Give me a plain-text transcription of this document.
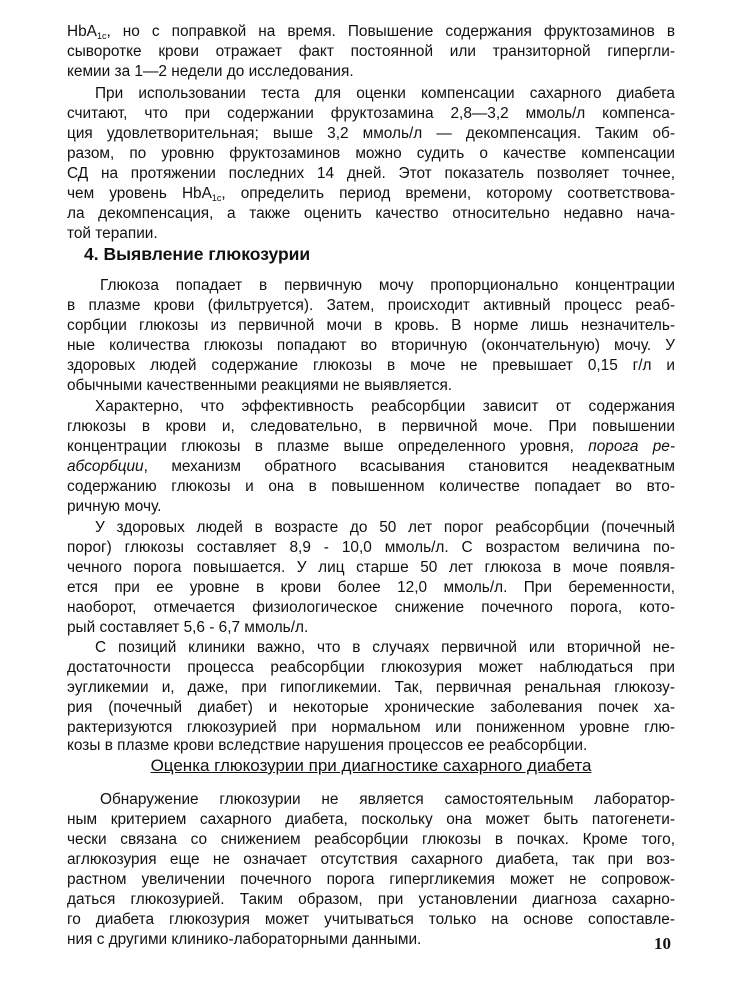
HbA1c, но с поправкой на время. Повышение содержания фруктозаминов в
сыворотке крови отражает факт постоянной или транзиторной гипергли-
кемии за 1—2 недели до исследования.
При использовании теста для оценки компенсации сахарного диабета
считают, что при содержании фруктозамина 2,8—3,2 ммоль/л компенса-
ция удовлетворительная; выше 3,2 ммоль/л — декомпенсация. Таким об-
разом, по уровню фруктозаминов можно судить о качестве компенсации
СД на протяжении последних 14 дней. Этот показатель позволяет точнее,
чем уровень HbA1c, определить период времени, которому соответствова-
ла декомпенсация, а также оценить качество относительно недавно нача-
той терапии.
4. Выявление глюкозурии
Глюкоза попадает в первичную мочу пропорционально концентрации
в плазме крови (фильтруется). Затем, происходит активный процесс реаб-
сорбции глюкозы из первичной мочи в кровь. В норме лишь незначитель-
ные количества глюкозы попадают во вторичную (окончательную) мочу. У
здоровых людей содержание глюкозы в моче не превышает 0,15 г/л и
обычными качественными реакциями не выявляется.
Характерно, что эффективность реабсорбции зависит от содержания
глюкозы в крови и, следовательно, в первичной моче. При повышении
концентрации глюкозы в плазме выше определенного уровня, порога ре-
абсорбции, механизм обратного всасывания становится неадекватным
содержанию глюкозы и она в повышенном количестве попадает во вто-
ричную мочу.
У здоровых людей в возрасте до 50 лет порог реабсорбции (почечный
порог) глюкозы составляет 8,9 - 10,0 ммоль/л. С возрастом величина по-
чечного порога повышается. У лиц старше 50 лет глюкоза в моче появля-
ется при ее уровне в крови более 12,0 ммоль/л. При беременности,
наоборот, отмечается физиологическое снижение почечного порога, кото-
рый составляет 5,6 - 6,7 ммоль/л.
С позиций клиники важно, что в случаях первичной или вторичной не-
достаточности процесса реабсорбции глюкозурия может наблюдаться при
эугликемии и, даже, при гипогликемии. Так, первичная ренальная глюкозу-
рия (почечный диабет) и некоторые хронические заболевания почек ха-
рактеризуются глюкозурией при нормальном или пониженном уровне глю-
козы в плазме крови вследствие нарушения процессов ее реабсорбции.
Оценка глюкозурии при диагностике сахарного диабета
Обнаружение глюкозурии не является самостоятельным лаборатор-
ным критерием сахарного диабета, поскольку она может быть патогенети-
чески связана со снижением реабсорбции глюкозы в почках. Кроме того,
аглюкозурия еще не означает отсутствия сахарного диабета, так при воз-
растном увеличении почечного порога гипергликемия может не сопровож-
даться глюкозурией. Таким образом, при установлении диагноза сахарно-
го диабета глюкозурия может учитываться только на основе сопоставле-
ния с другими клинико-лабораторными данными.	10
